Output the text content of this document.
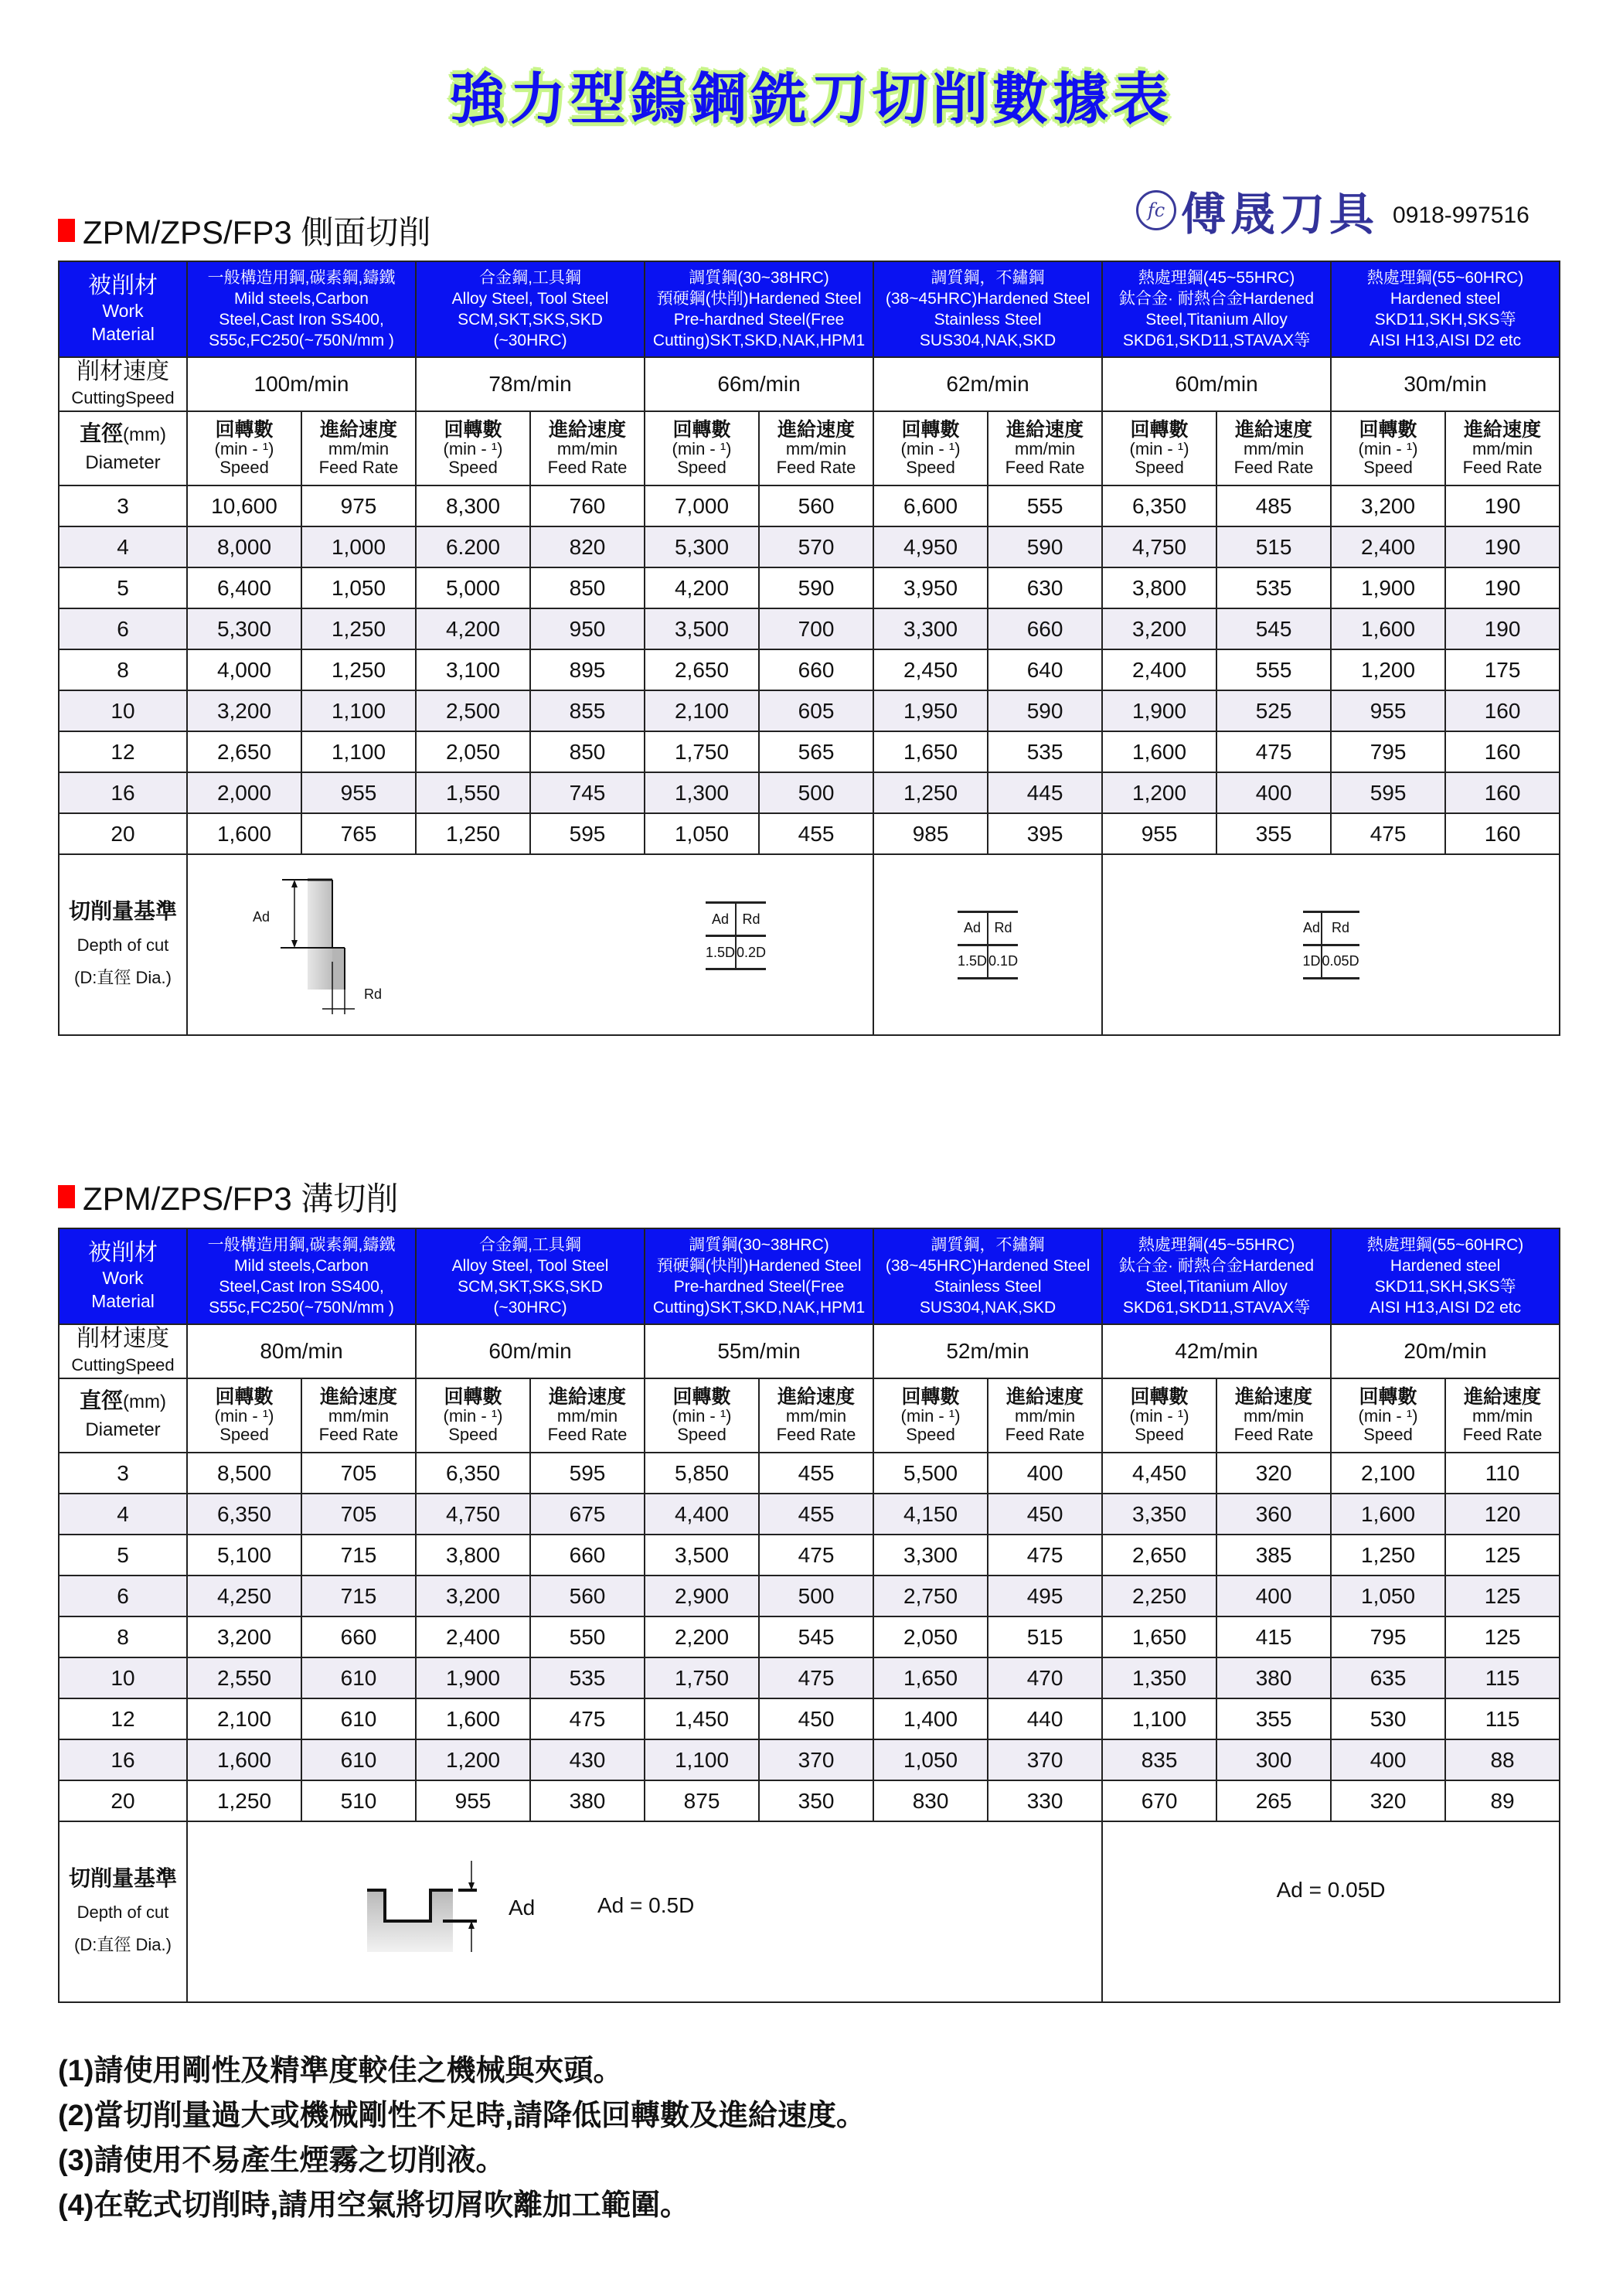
強力型鎢鋼銑刀切削數據表
fc 傅晟刀具 0918-997516
ZPM/ZPS/FP3 側面切削
被削材
Work
Material	一般構造用鋼,碳素鋼,鑄鐵
Mild steels,Carbon
Steel,Cast Iron SS400,
S55c,FC250(~750N/mm )	合金鋼,工具鋼
Alloy Steel, Tool Steel
SCM,SKT,SKS,SKD
(~30HRC)	調質鋼(30~38HRC)
預硬鋼(快削)Hardened Steel
Pre-hardned Steel(Free
Cutting)SKT,SKD,NAK,HPM1	調質鋼，不鏽鋼
(38~45HRC)Hardened Steel
Stainless Steel
SUS304,NAK,SKD	熱處理鋼(45~55HRC)
鈦合金· 耐熱合金Hardened
Steel,Titanium Alloy
SKD61,SKD11,STAVAX等	熱處理鋼(55~60HRC)
Hardened steel
SKD11,SKH,SKS等
AISI H13,AISI D2 etc
削材速度
CuttingSpeed	100m/min	78m/min	66m/min	62m/min	60m/min	30m/min
直徑(mm)
Diameter	回轉數
(min - ¹)
Speed	進給速度
mm/min
Feed Rate	回轉數
(min - ¹)
Speed	進給速度
mm/min
Feed Rate	回轉數
(min - ¹)
Speed	進給速度
mm/min
Feed Rate	回轉數
(min - ¹)
Speed	進給速度
mm/min
Feed Rate	回轉數
(min - ¹)
Speed	進給速度
mm/min
Feed Rate	回轉數
(min - ¹)
Speed	進給速度
mm/min
Feed Rate
3	10,600	975	8,300	760	7,000	560	6,600	555	6,350	485	3,200	190
4	8,000	1,000	6.200	820	5,300	570	4,950	590	4,750	515	2,400	190
5	6,400	1,050	5,000	850	4,200	590	3,950	630	3,800	535	1,900	190
6	5,300	1,250	4,200	950	3,500	700	3,300	660	3,200	545	1,600	190
8	4,000	1,250	3,100	895	2,650	660	2,450	640	2,400	555	1,200	175
10	3,200	1,100	2,500	855	2,100	605	1,950	590	1,900	525	955	160
12	2,650	1,100	2,050	850	1,750	565	1,650	535	1,600	475	795	160
16	2,000	955	1,550	745	1,300	500	1,250	445	1,200	400	595	160
20	1,600	765	1,250	595	1,050	455	985	395	955	355	475	160
切削量基準
Depth of cut
(D:直徑 Dia.)	
Ad
Rd
Ad	Rd
1.5D	0.2D

Ad	Rd
1.5D	0.1D

Ad	Rd
1D	0.05D
ZPM/ZPS/FP3 溝切削
被削材
Work
Material	一般構造用鋼,碳素鋼,鑄鐵
Mild steels,Carbon
Steel,Cast Iron SS400,
S55c,FC250(~750N/mm )		合金鋼,工具鋼
Alloy Steel, Tool Steel
SCM,SKT,SKS,SKD
(~30HRC)		調質鋼(30~38HRC)
預硬鋼(快削)Hardened Steel
Pre-hardned Steel(Free
Cutting)SKT,SKD,NAK,HPM1		調質鋼，不鏽鋼
(38~45HRC)Hardened Steel
Stainless Steel
SUS304,NAK,SKD		熱處理鋼(45~55HRC)
鈦合金· 耐熱合金Hardened
Steel,Titanium Alloy
SKD61,SKD11,STAVAX等		熱處理鋼(55~60HRC)
Hardened steel
SKD11,SKH,SKS等
AISI H13,AISI D2 etc	
削材速度
CuttingSpeed	80m/min		60m/min		55m/min		52m/min		42m/min		20m/min	
直徑(mm)
Diameter	回轉數
(min - ¹)
Speed	進給速度
mm/min
Feed Rate	回轉數
(min - ¹)
Speed	進給速度
mm/min
Feed Rate	回轉數
(min - ¹)
Speed	進給速度
mm/min
Feed Rate	回轉數
(min - ¹)
Speed	進給速度
mm/min
Feed Rate	回轉數
(min - ¹)
Speed	進給速度
mm/min
Feed Rate	回轉數
(min - ¹)
Speed	進給速度
mm/min
Feed Rate
3	8,500	705	6,350	595	5,850	455	5,500	400	4,450	320	2,100	110
4	6,350	705	4,750	675	4,400	455	4,150	450	3,350	360	1,600	120
5	5,100	715	3,800	660	3,500	475	3,300	475	2,650	385	1,250	125
6	4,250	715	3,200	560	2,900	500	2,750	495	2,250	400	1,050	125
8	3,200	660	2,400	550	2,200	545	2,050	515	1,650	415	795	125
10	2,550	610	1,900	535	1,750	475	1,650	470	1,350	380	635	115
12	2,100	610	1,600	475	1,450	450	1,400	440	1,100	355	530	115
16	1,600	610	1,200	430	1,100	370	1,050	370	835	300	400	88
20	1,250	510	955	380	875	350	830	330	670	265	320	89
切削量基準
Depth of cut
(D:直徑 Dia.)	Ad Ad = 0.5D								Ad = 0.05D			
(1)請使用剛性及精準度較佳之機械與夾頭。
(2)當切削量過大或機械剛性不足時,請降低回轉數及進給速度。
(3)請使用不易產生煙霧之切削液。
(4)在乾式切削時,請用空氣將切屑吹離加工範圍。
